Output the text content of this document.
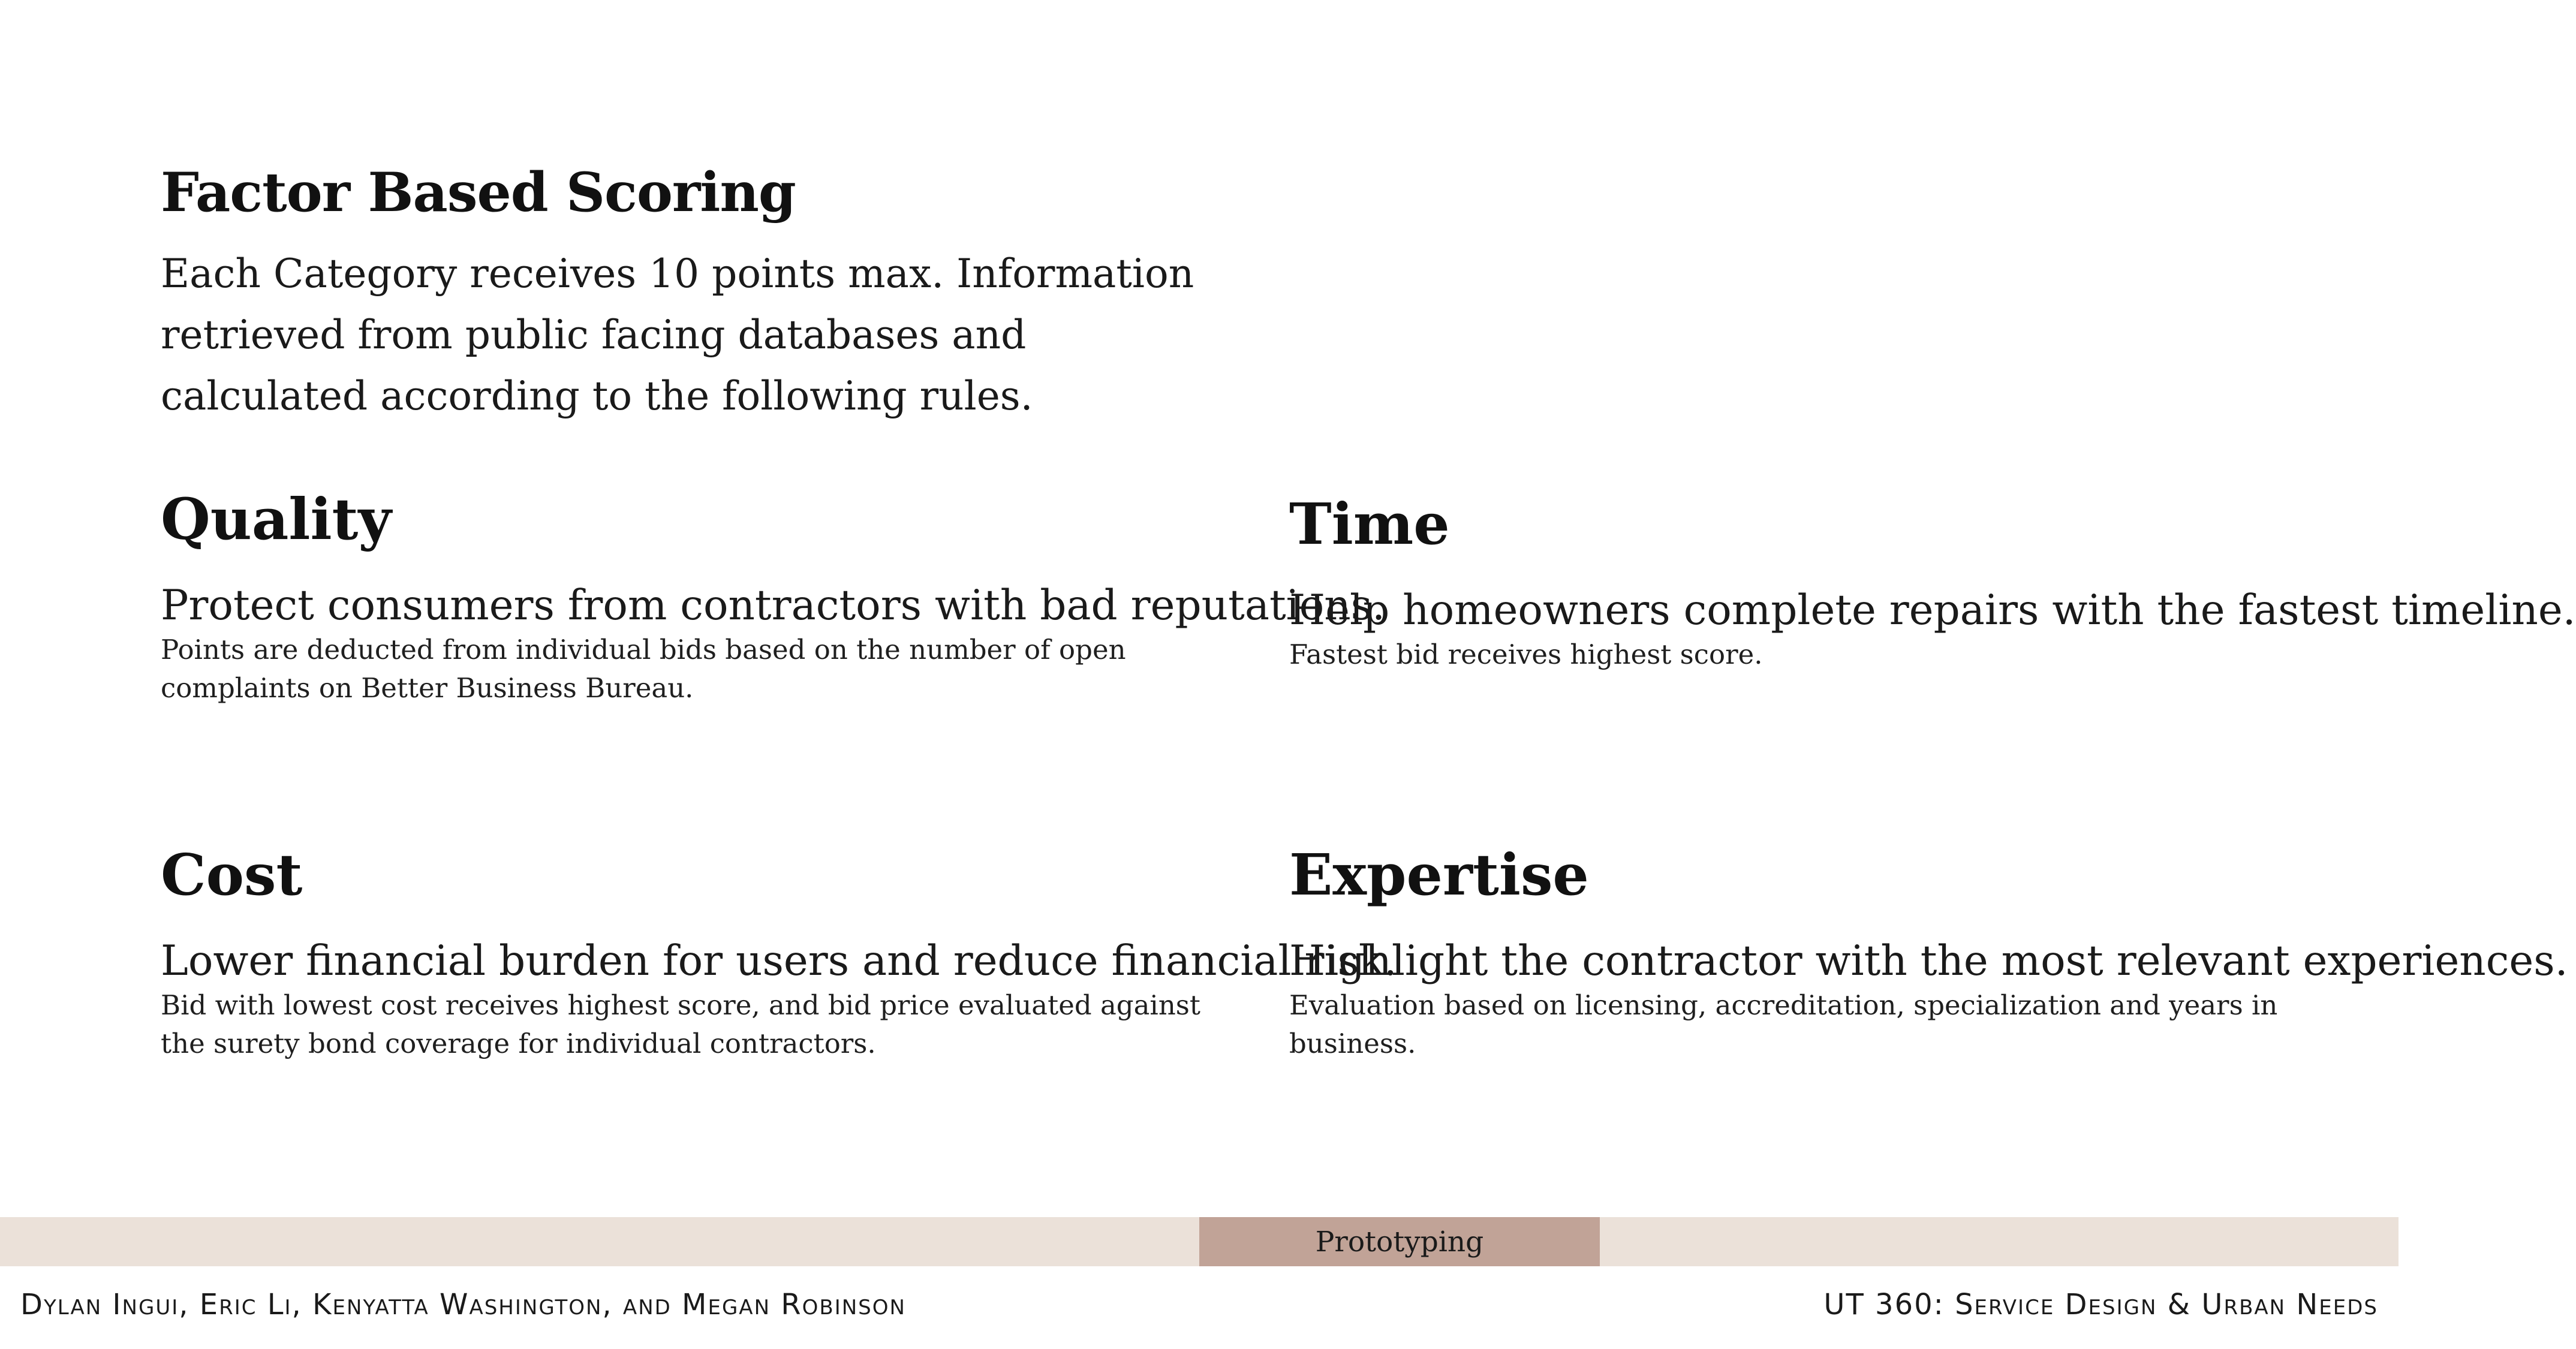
Factor Based Scoring

Each Category receives 10 points max. Information retrieved from public facing databases and calculated according to the following rules.

Quality

Protect consumers from contractors with bad reputations.

Points are deducted from individual bids based on the number of open complaints on Better Business Bureau.

Time

Help homeowners complete repairs with the fastest timeline.

Fastest bid receives highest score.

Cost

Lower financial burden for users and reduce financial risk.

Bid with lowest cost receives highest score, and bid price evaluated against the surety bond coverage for individual contractors.

Expertise

Highlight the contractor with the most relevant experiences.

Evaluation based on licensing, accreditation, specialization and years in business.

Prototyping
Dylan Ingui, Eric Li, Kenyatta Washington, and Megan Robinson	UT 360: Service Design & Urban Needs
